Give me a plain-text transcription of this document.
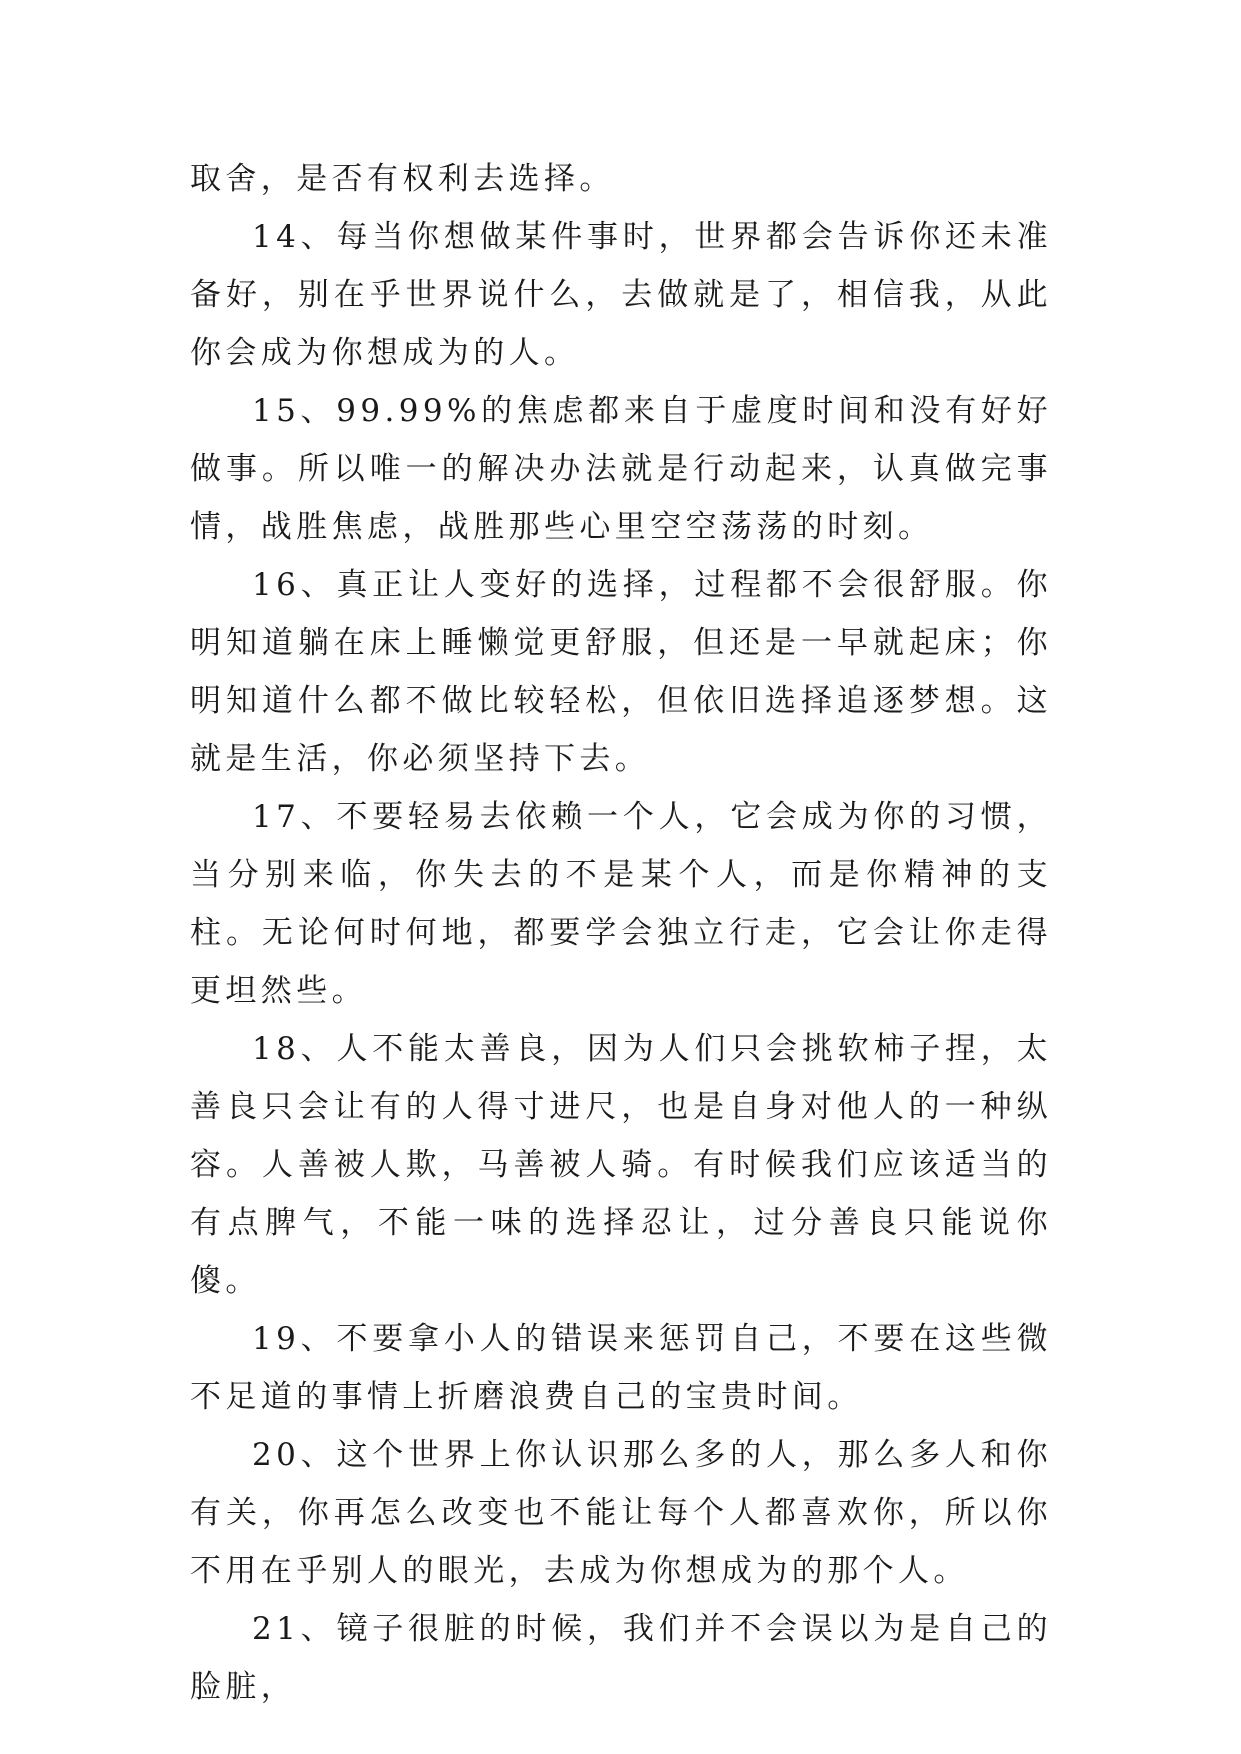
取舍，是否有权利去选择。

14、每当你想做某件事时，世界都会告诉你还未准备好，别在乎世界说什么，去做就是了，相信我，从此你会成为你想成为的人。

15、99.99%的焦虑都来自于虚度时间和没有好好做事。所以唯一的解决办法就是行动起来，认真做完事情，战胜焦虑，战胜那些心里空空荡荡的时刻。

16、真正让人变好的选择，过程都不会很舒服。你明知道躺在床上睡懒觉更舒服，但还是一早就起床；你明知道什么都不做比较轻松，但依旧选择追逐梦想。这就是生活，你必须坚持下去。

17、不要轻易去依赖一个人，它会成为你的习惯，当分别来临，你失去的不是某个人，而是你精神的支柱。无论何时何地，都要学会独立行走，它会让你走得更坦然些。

18、人不能太善良，因为人们只会挑软柿子捏，太善良只会让有的人得寸进尺，也是自身对他人的一种纵容。人善被人欺，马善被人骑。有时候我们应该适当的有点脾气，不能一味的选择忍让，过分善良只能说你傻。

19、不要拿小人的错误来惩罚自己，不要在这些微不足道的事情上折磨浪费自己的宝贵时间。

20、这个世界上你认识那么多的人，那么多人和你有关，你再怎么改变也不能让每个人都喜欢你，所以你不用在乎别人的眼光，去成为你想成为的那个人。

21、镜子很脏的时候，我们并不会误以为是自己的脸脏，
